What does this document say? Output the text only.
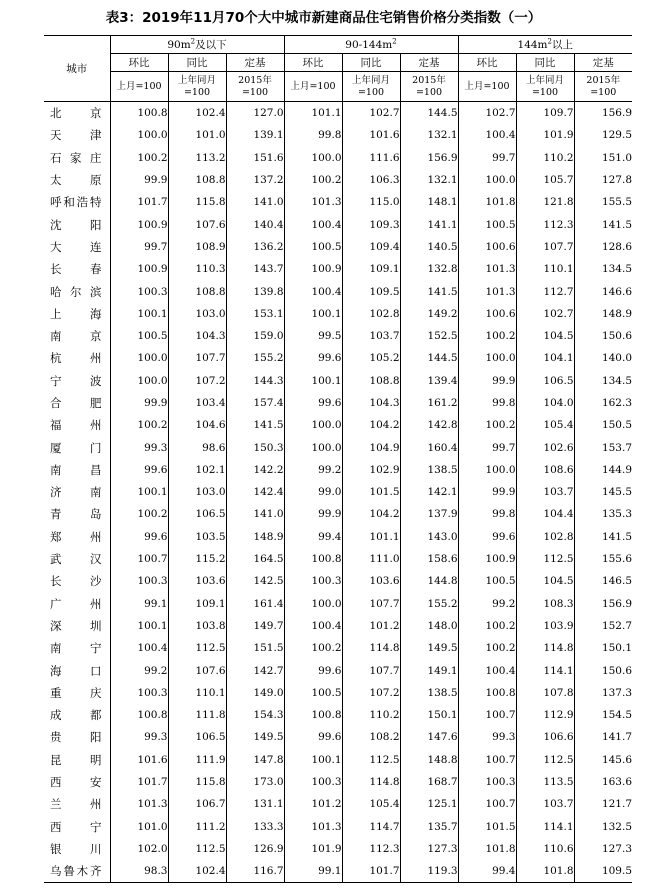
表3：2019年11月70个大中城市新建商品住宅销售价格分类指数（一）
城市	$90m^2$及以下			$90-144m^2$			$144m^2$以上		
	环比	同比	定基	环比	同比	定基	环比	同比	定基
	上月=100	上年同月=100	2015年=100	上月=100	上年同月=100	2015年=100	上月=100	上年同月=100	2015年=100
北京	100.8	102.4	127.0	101.1	102.7	144.5	102.7	109.7	156.9
天津	100.0	101.0	139.1	99.8	101.6	132.1	100.4	101.9	129.5
石家庄	100.2	113.2	151.6	100.0	111.6	156.9	99.7	110.2	151.0
太原	99.9	108.8	137.2	100.2	106.3	132.1	100.0	105.7	127.8
呼和浩特	101.7	115.8	141.0	101.3	115.0	148.1	101.8	121.8	155.5
沈阳	100.9	107.6	140.4	100.4	109.3	141.1	100.5	112.3	141.5
大连	99.7	108.9	136.2	100.5	109.4	140.5	100.6	107.7	128.6
长春	100.9	110.3	143.7	100.9	109.1	132.8	101.3	110.1	134.5
哈尔滨	100.3	108.8	139.8	100.4	109.5	141.5	101.3	112.7	146.6
上海	100.1	103.0	153.1	100.1	102.8	149.2	100.6	102.7	148.9
南京	100.5	104.3	159.0	99.5	103.7	152.5	100.2	104.5	150.6
杭州	100.0	107.7	155.2	99.6	105.2	144.5	100.0	104.1	140.0
宁波	100.0	107.2	144.3	100.1	108.8	139.4	99.9	106.5	134.5
合肥	99.9	103.4	157.4	99.6	104.3	161.2	99.8	104.0	162.3
福州	100.2	104.6	141.5	100.0	104.2	142.8	100.2	105.4	150.5
厦门	99.3	98.6	150.3	100.0	104.9	160.4	99.7	102.6	153.7
南昌	99.6	102.1	142.2	99.2	102.9	138.5	100.0	108.6	144.9
济南	100.1	103.0	142.4	99.0	101.5	142.1	99.9	103.7	145.5
青岛	100.2	106.5	141.0	99.9	104.2	137.9	99.8	104.4	135.3
郑州	99.6	103.5	148.9	99.4	101.1	143.0	99.6	102.8	141.5
武汉	100.7	115.2	164.5	100.8	111.0	158.6	100.9	112.5	155.6
长沙	100.3	103.6	142.5	100.3	103.6	144.8	100.5	104.5	146.5
广州	99.1	109.1	161.4	100.0	107.7	155.2	99.2	108.3	156.9
深圳	100.1	103.8	149.7	100.4	101.2	148.0	100.2	103.9	152.7
南宁	100.4	112.5	151.5	100.2	114.8	149.5	100.2	114.8	150.1
海口	99.2	107.6	142.7	99.6	107.7	149.1	100.4	114.1	150.6
重庆	100.3	110.1	149.0	100.5	107.2	138.5	100.8	107.8	137.3
成都	100.8	111.8	154.3	100.8	110.2	150.1	100.7	112.9	154.5
贵阳	99.3	106.5	149.5	99.6	108.2	147.6	99.3	106.6	141.7
昆明	101.6	111.9	147.8	100.1	112.5	148.8	100.7	112.5	145.6
西安	101.7	115.8	173.0	100.3	114.8	168.7	100.3	113.5	163.6
兰州	101.3	106.7	131.1	101.2	105.4	125.1	100.7	103.7	121.7
西宁	101.0	111.2	133.3	101.3	114.7	135.7	101.5	114.1	132.5
银川	102.0	112.5	126.9	101.9	112.3	127.3	101.8	110.6	127.3
乌鲁木齐	98.3	102.4	116.7	99.1	101.7	119.3	99.4	101.8	109.5
